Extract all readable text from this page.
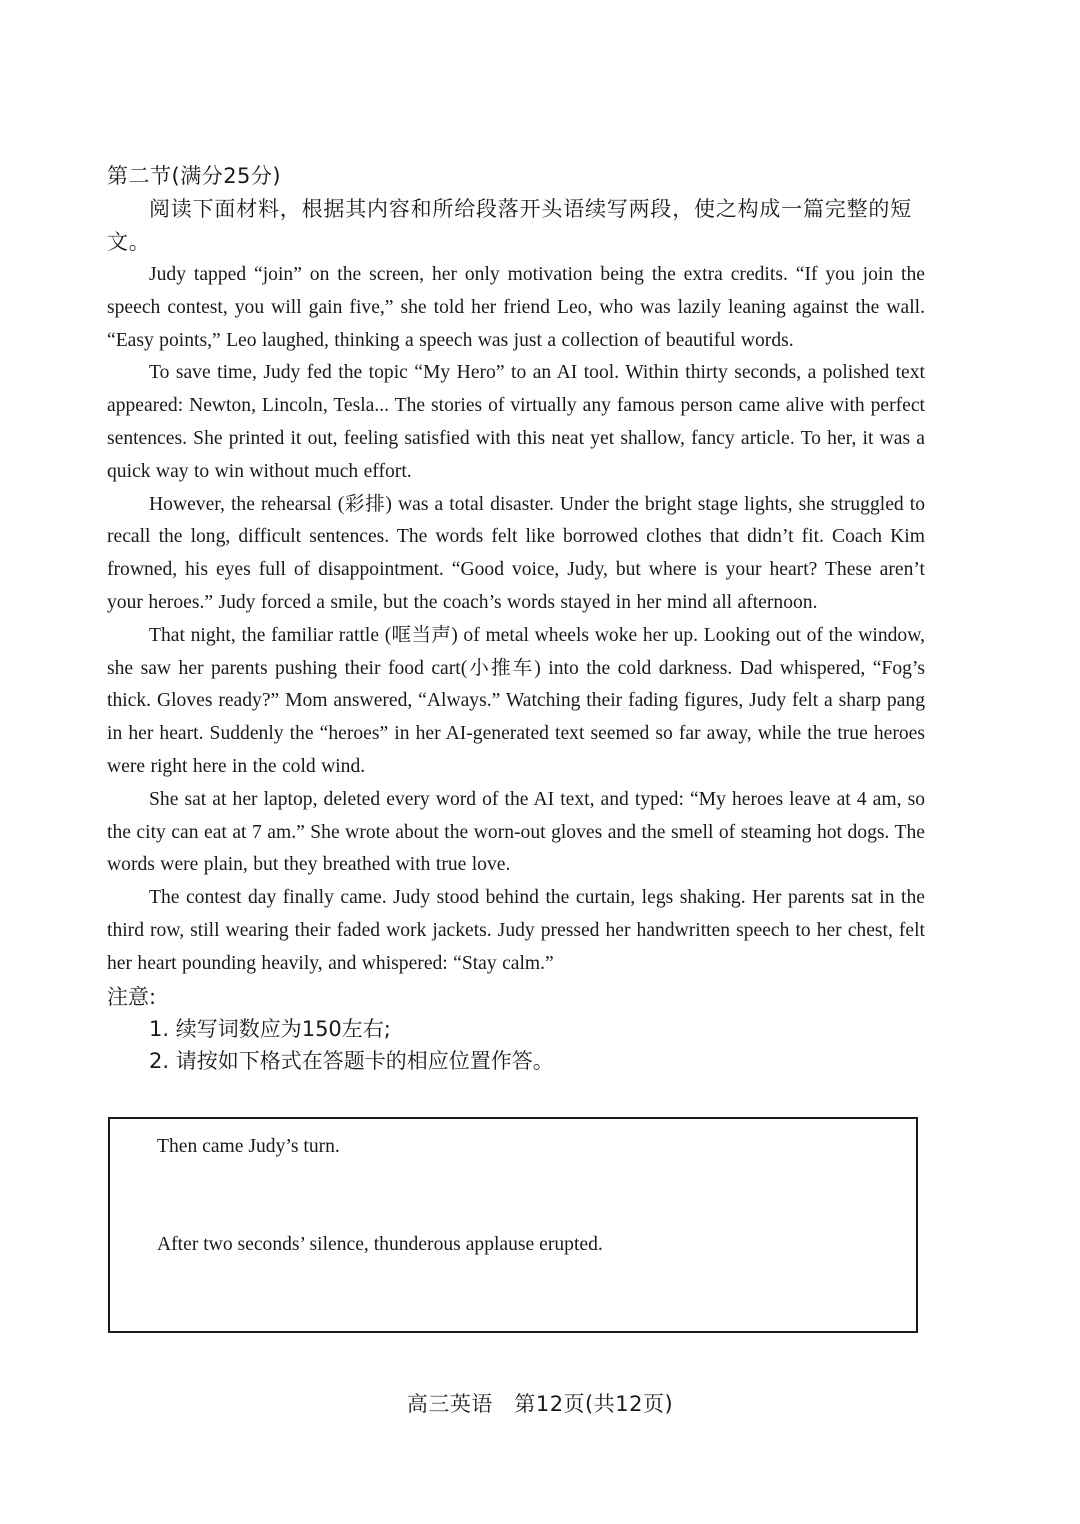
第二节(满分25分)

阅读下面材料，根据其内容和所给段落开头语续写两段，使之构成一篇完整的短文。

Judy tapped “join” on the screen, her only motivation being the extra credits. “If you join the speech contest, you will gain five,” she told her friend Leo, who was lazily leaning against the wall. “Easy points,” Leo laughed, thinking a speech was just a collection of beautiful words.

To save time, Judy fed the topic “My Hero” to an AI tool. Within thirty seconds, a polished text appeared: Newton, Lincoln, Tesla... The stories of virtually any famous person came alive with perfect sentences. She printed it out, feeling satisfied with this neat yet shallow, fancy article. To her, it was a quick way to win without much effort.

However, the rehearsal (彩排) was a total disaster. Under the bright stage lights, she struggled to recall the long, difficult sentences. The words felt like borrowed clothes that didn’t fit. Coach Kim frowned, his eyes full of disappointment. “Good voice, Judy, but where is your heart? These aren’t your heroes.” Judy forced a smile, but the coach’s words stayed in her mind all afternoon.

That night, the familiar rattle (哐当声) of metal wheels woke her up. Looking out of the window, she saw her parents pushing their food cart(小推车) into the cold darkness. Dad whispered, “Fog’s thick. Gloves ready?” Mom answered, “Always.” Watching their fading figures, Judy felt a sharp pang in her heart. Suddenly the “heroes” in her AI-generated text seemed so far away, while the true heroes were right here in the cold wind.

She sat at her laptop, deleted every word of the AI text, and typed: “My heroes leave at 4 am, so the city can eat at 7 am.” She wrote about the worn-out gloves and the smell of steaming hot dogs. The words were plain, but they breathed with true love.

The contest day finally came. Judy stood behind the curtain, legs shaking. Her parents sat in the third row, still wearing their faded work jackets. Judy pressed her handwritten speech to her chest, felt her heart pounding heavily, and whispered: “Stay calm.”

注意:
1. 续写词数应为150左右;
2. 请按如下格式在答题卡的相应位置作答。

Then came Judy’s turn.

After two seconds’ silence, thunderous applause erupted.

高三英语　第12页(共12页)
